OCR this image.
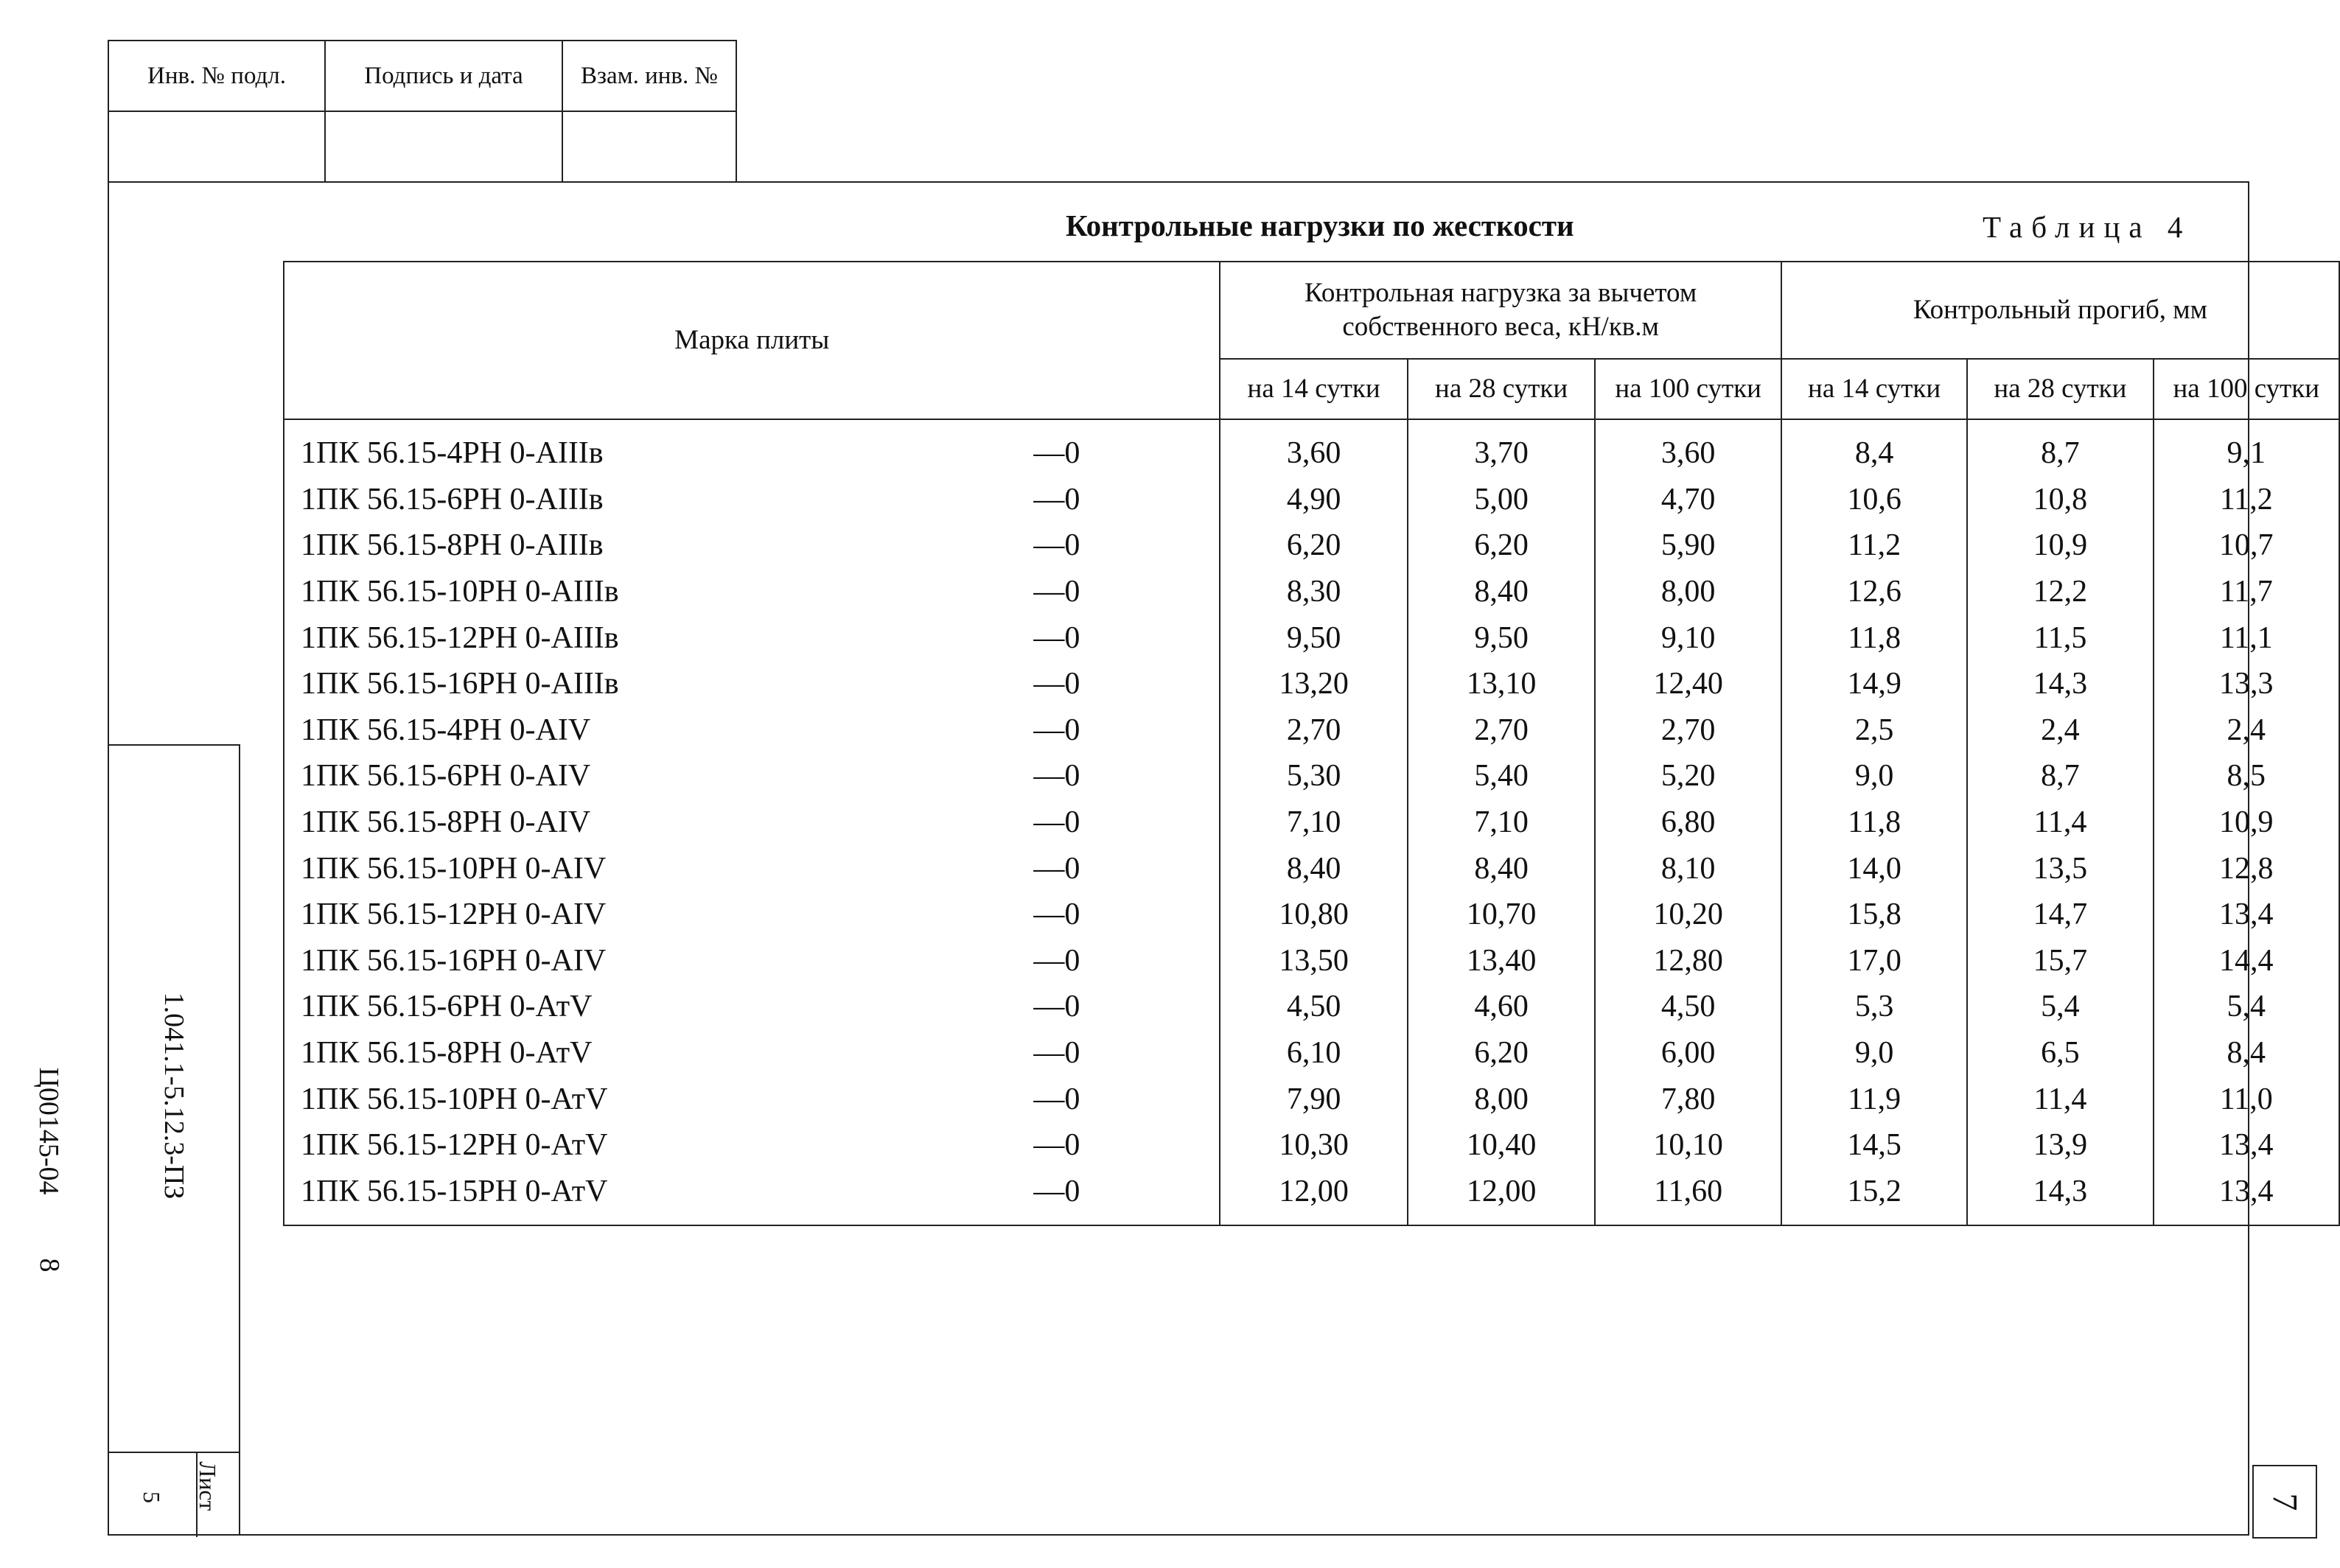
Инв. № подл.	Подпись и дата	Взам. инв. №
1.041.1-5.12.3-ПЗ
Лист
5
Ц00145-04
8
7
Контрольные нагрузки по жесткости	Таблица 4
Марка плиты		Контрольная нагрузка за вычетом собственного веса, кН/кв.м			Контрольный прогиб, мм		
		на 14 сутки	на 28 сутки	на 100 сутки	на 14 сутки	на 28 сутки	на 100 сутки
1ПК 56.15-4РН 0-АIIIв	—0	3,60	3,70	3,60	8,4	8,7	9,1
1ПК 56.15-6РН 0-АIIIв	—0	4,90	5,00	4,70	10,6	10,8	11,2
1ПК 56.15-8РН 0-АIIIв	—0	6,20	6,20	5,90	11,2	10,9	10,7
1ПК 56.15-10РН 0-АIIIв	—0	8,30	8,40	8,00	12,6	12,2	11,7
1ПК 56.15-12РН 0-АIIIв	—0	9,50	9,50	9,10	11,8	11,5	11,1
1ПК 56.15-16РН 0-АIIIв	—0	13,20	13,10	12,40	14,9	14,3	13,3
1ПК 56.15-4РН 0-АIV	—0	2,70	2,70	2,70	2,5	2,4	2,4
1ПК 56.15-6РН 0-АIV	—0	5,30	5,40	5,20	9,0	8,7	8,5
1ПК 56.15-8РН 0-АIV	—0	7,10	7,10	6,80	11,8	11,4	10,9
1ПК 56.15-10РН 0-АIV	—0	8,40	8,40	8,10	14,0	13,5	12,8
1ПК 56.15-12РН 0-АIV	—0	10,80	10,70	10,20	15,8	14,7	13,4
1ПК 56.15-16РН 0-АIV	—0	13,50	13,40	12,80	17,0	15,7	14,4
1ПК 56.15-6РН 0-АтV	—0	4,50	4,60	4,50	5,3	5,4	5,4
1ПК 56.15-8РН 0-АтV	—0	6,10	6,20	6,00	9,0	6,5	8,4
1ПК 56.15-10РН 0-АтV	—0	7,90	8,00	7,80	11,9	11,4	11,0
1ПК 56.15-12РН 0-АтV	—0	10,30	10,40	10,10	14,5	13,9	13,4
1ПК 56.15-15РН 0-АтV	—0	12,00	12,00	11,60	15,2	14,3	13,4
